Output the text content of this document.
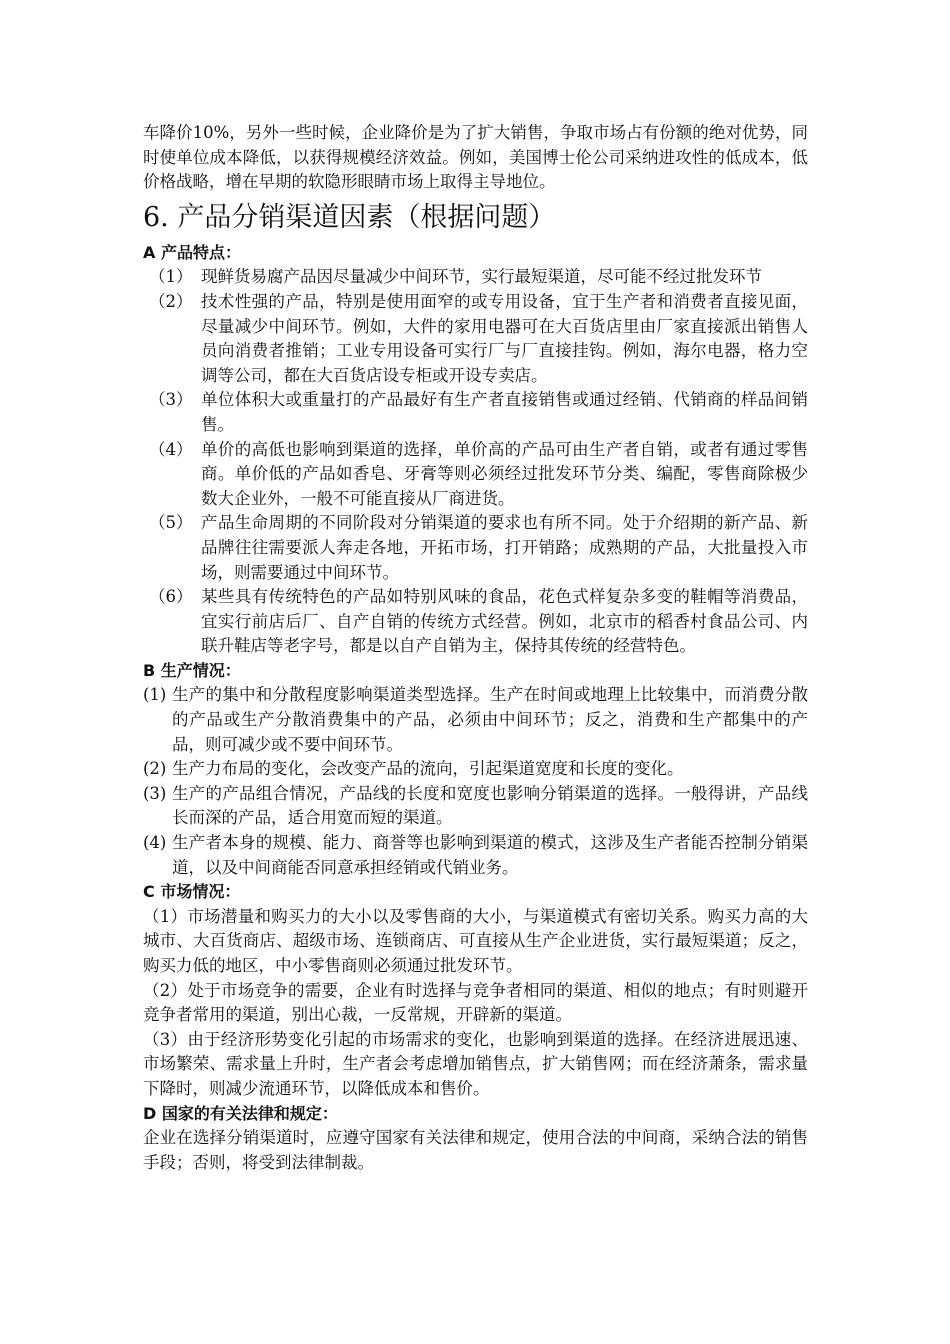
车降价10%，另外一些时候，企业降价是为了扩大销售，争取市场占有份额的绝对优势，同时使单位成本降低，以获得规模经济效益。例如，美国博士伦公司采纳进攻性的低成本，低价格战略，增在早期的软隐形眼睛市场上取得主导地位。

6. 产品分销渠道因素（根据问题）
A 产品特点：
（1） 现鲜货易腐产品因尽量减少中间环节，实行最短渠道，尽可能不经过批发环节
（2） 技术性强的产品，特别是使用面窄的或专用设备，宜于生产者和消费者直接见面，尽量减少中间环节。例如，大件的家用电器可在大百货店里由厂家直接派出销售人员向消费者推销；工业专用设备可实行厂与厂直接挂钩。例如，海尔电器，格力空调等公司，都在大百货店设专柜或开设专卖店。
（3） 单位体积大或重量打的产品最好有生产者直接销售或通过经销、代销商的样品间销售。
（4） 单价的高低也影响到渠道的选择，单价高的产品可由生产者自销，或者有通过零售商。单价低的产品如香皂、牙膏等则必须经过批发环节分类、编配，零售商除极少数大企业外，一般不可能直接从厂商进货。
（5） 产品生命周期的不同阶段对分销渠道的要求也有所不同。处于介绍期的新产品、新品牌往往需要派人奔走各地，开拓市场，打开销路；成熟期的产品，大批量投入市场，则需要通过中间环节。
（6） 某些具有传统特色的产品如特别风味的食品，花色式样复杂多变的鞋帽等消费品，宜实行前店后厂、自产自销的传统方式经营。例如，北京市的稻香村食品公司、内联升鞋店等老字号，都是以自产自销为主，保持其传统的经营特色。
B 生产情况：
(1) 生产的集中和分散程度影响渠道类型选择。生产在时间或地理上比较集中，而消费分散的产品或生产分散消费集中的产品，必须由中间环节；反之，消费和生产都集中的产品，则可减少或不要中间环节。
(2) 生产力布局的变化，会改变产品的流向，引起渠道宽度和长度的变化。
(3) 生产的产品组合情况，产品线的长度和宽度也影响分销渠道的选择。一般得讲，产品线长而深的产品，适合用宽而短的渠道。
(4) 生产者本身的规模、能力、商誉等也影响到渠道的模式，这涉及生产者能否控制分销渠道，以及中间商能否同意承担经销或代销业务。
C 市场情况：

（1）市场潜量和购买力的大小以及零售商的大小，与渠道模式有密切关系。购买力高的大城市、大百货商店、超级市场、连锁商店、可直接从生产企业进货，实行最短渠道；反之，购买力低的地区，中小零售商则必须通过批发环节。

（2）处于市场竞争的需要，企业有时选择与竞争者相同的渠道、相似的地点；有时则避开竞争者常用的渠道，别出心裁，一反常规，开辟新的渠道。

（3）由于经济形势变化引起的市场需求的变化，也影响到渠道的选择。在经济进展迅速、市场繁荣、需求量上升时，生产者会考虑增加销售点，扩大销售网；而在经济萧条，需求量下降时，则减少流通环节，以降低成本和售价。

D 国家的有关法律和规定：

企业在选择分销渠道时，应遵守国家有关法律和规定，使用合法的中间商，采纳合法的销售手段；否则，将受到法律制裁。
